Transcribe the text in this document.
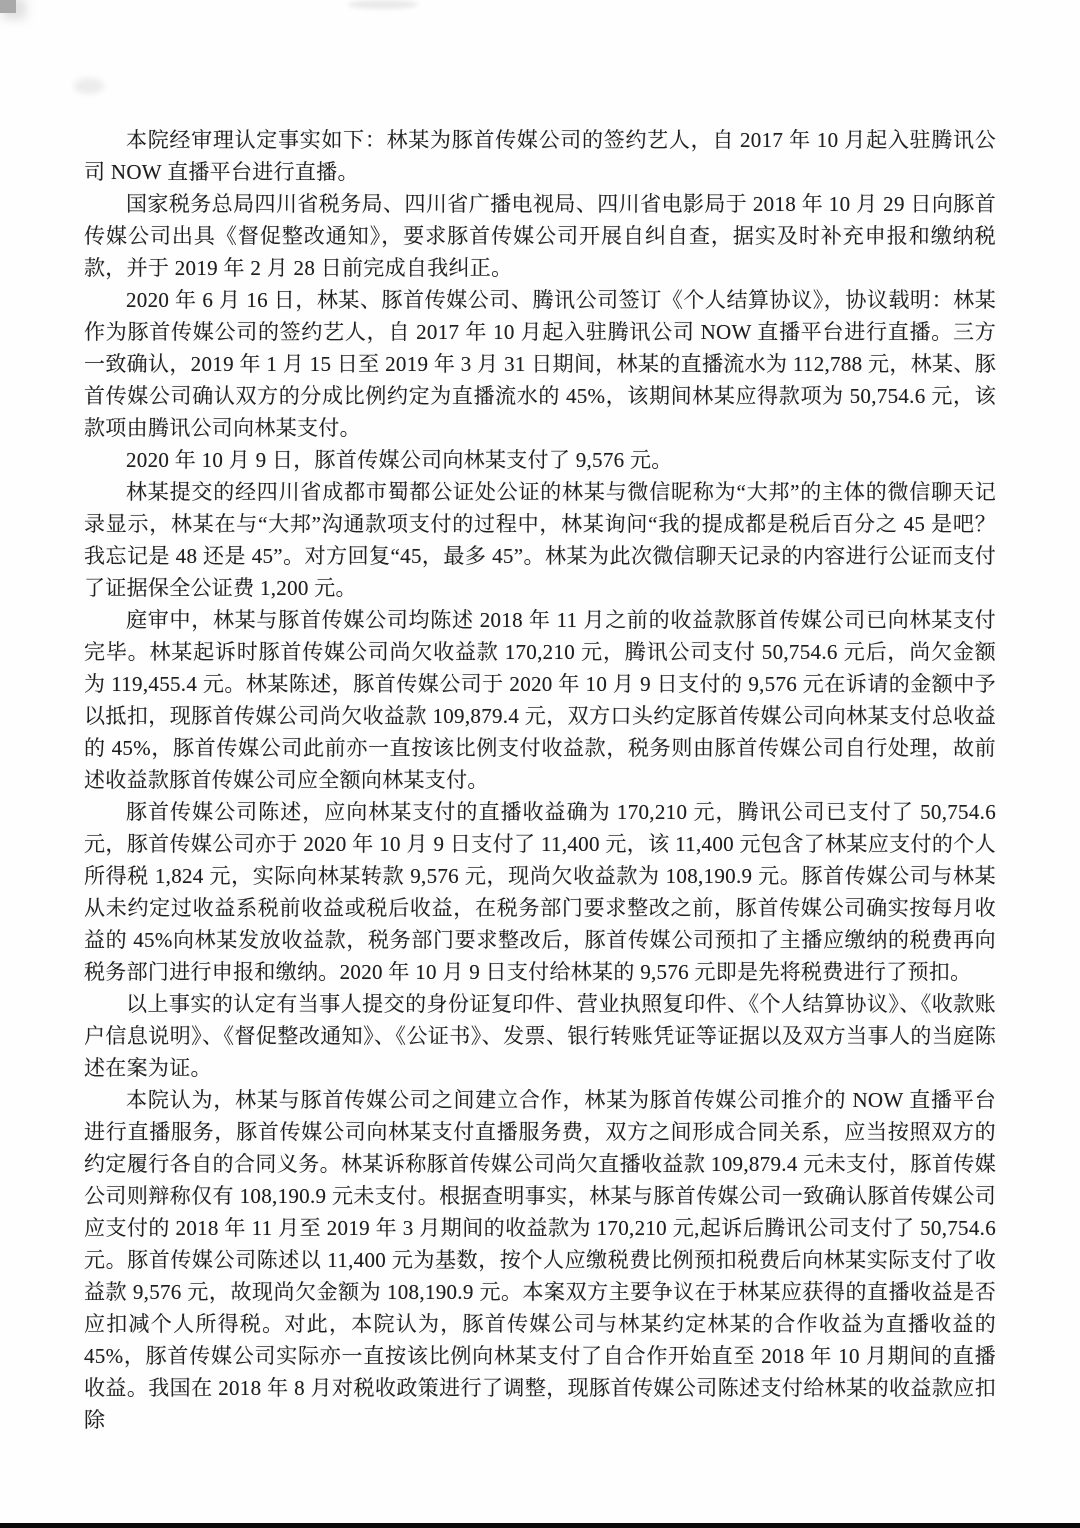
本院经审理认定事实如下：林某为豚首传媒公司的签约艺人，自 2017 年 10 月起入驻腾讯公司 NOW 直播平台进行直播。

国家税务总局四川省税务局、四川省广播电视局、四川省电影局于 2018 年 10 月 29 日向豚首传媒公司出具《督促整改通知》，要求豚首传媒公司开展自纠自查，据实及时补充申报和缴纳税款，并于 2019 年 2 月 28 日前完成自我纠正。

2020 年 6 月 16 日，林某、豚首传媒公司、腾讯公司签订《个人结算协议》，协议载明：林某作为豚首传媒公司的签约艺人，自 2017 年 10 月起入驻腾讯公司 NOW 直播平台进行直播。三方一致确认，2019 年 1 月 15 日至 2019 年 3 月 31 日期间，林某的直播流水为 112,788 元，林某、豚首传媒公司确认双方的分成比例约定为直播流水的 45%，该期间林某应得款项为 50,754.6 元，该款项由腾讯公司向林某支付。

2020 年 10 月 9 日，豚首传媒公司向林某支付了 9,576 元。

林某提交的经四川省成都市蜀都公证处公证的林某与微信昵称为“大邦”的主体的微信聊天记录显示，林某在与“大邦”沟通款项支付的过程中，林某询问“我的提成都是税后百分之 45 是吧？我忘记是 48 还是 45”。对方回复“45，最多 45”。林某为此次微信聊天记录的内容进行公证而支付了证据保全公证费 1,200 元。

庭审中，林某与豚首传媒公司均陈述 2018 年 11 月之前的收益款豚首传媒公司已向林某支付完毕。林某起诉时豚首传媒公司尚欠收益款 170,210 元，腾讯公司支付 50,754.6 元后，尚欠金额为 119,455.4 元。林某陈述，豚首传媒公司于 2020 年 10 月 9 日支付的 9,576 元在诉请的金额中予以抵扣，现豚首传媒公司尚欠收益款 109,879.4 元，双方口头约定豚首传媒公司向林某支付总收益的 45%，豚首传媒公司此前亦一直按该比例支付收益款，税务则由豚首传媒公司自行处理，故前述收益款豚首传媒公司应全额向林某支付。

豚首传媒公司陈述，应向林某支付的直播收益确为 170,210 元，腾讯公司已支付了 50,754.6 元，豚首传媒公司亦于 2020 年 10 月 9 日支付了 11,400 元，该 11,400 元包含了林某应支付的个人所得税 1,824 元，实际向林某转款 9,576 元，现尚欠收益款为 108,190.9 元。豚首传媒公司与林某从未约定过收益系税前收益或税后收益，在税务部门要求整改之前，豚首传媒公司确实按每月收益的 45%向林某发放收益款，税务部门要求整改后，豚首传媒公司预扣了主播应缴纳的税费再向税务部门进行申报和缴纳。2020 年 10 月 9 日支付给林某的 9,576 元即是先将税费进行了预扣。

以上事实的认定有当事人提交的身份证复印件、营业执照复印件、《个人结算协议》、《收款账户信息说明》、《督促整改通知》、《公证书》、发票、银行转账凭证等证据以及双方当事人的当庭陈述在案为证。

本院认为，林某与豚首传媒公司之间建立合作，林某为豚首传媒公司推介的 NOW 直播平台进行直播服务，豚首传媒公司向林某支付直播服务费，双方之间形成合同关系，应当按照双方的约定履行各自的合同义务。林某诉称豚首传媒公司尚欠直播收益款 109,879.4 元未支付，豚首传媒公司则辩称仅有 108,190.9 元未支付。根据查明事实，林某与豚首传媒公司一致确认豚首传媒公司应支付的 2018 年 11 月至 2019 年 3 月期间的收益款为 170,210 元,起诉后腾讯公司支付了 50,754.6 元。豚首传媒公司陈述以 11,400 元为基数，按个人应缴税费比例预扣税费后向林某实际支付了收益款 9,576 元，故现尚欠金额为 108,190.9 元。本案双方主要争议在于林某应获得的直播收益是否应扣减个人所得税。对此，本院认为，豚首传媒公司与林某约定林某的合作收益为直播收益的 45%，豚首传媒公司实际亦一直按该比例向林某支付了自合作开始直至 2018 年 10 月期间的直播收益。我国在 2018 年 8 月对税收政策进行了调整，现豚首传媒公司陈述支付给林某的收益款应扣除
